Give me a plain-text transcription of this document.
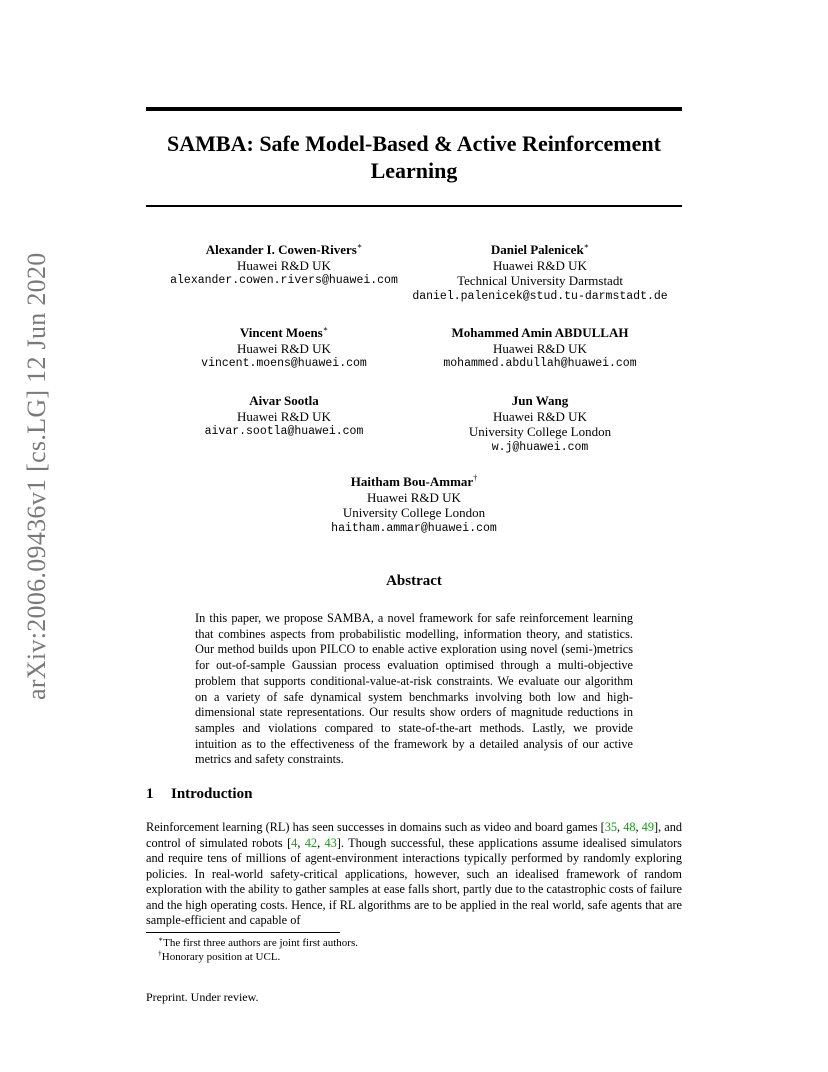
arXiv:2006.09436v1 [cs.LG] 12 Jun 2020
SAMBA: Safe Model-Based & Active Reinforcement
Learning
Alexander I. Cowen-Rivers∗
Huawei R&D UK
alexander.cowen.rivers@huawei.com
Daniel Palenicek∗
Huawei R&D UK
Technical University Darmstadt
daniel.palenicek@stud.tu-darmstadt.de
Vincent Moens∗
Huawei R&D UK
vincent.moens@huawei.com
Mohammed Amin ABDULLAH
Huawei R&D UK
mohammed.abdullah@huawei.com
Aivar Sootla
Huawei R&D UK
aivar.sootla@huawei.com
Jun Wang
Huawei R&D UK
University College London
w.j@huawei.com
Haitham Bou-Ammar†
Huawei R&D UK
University College London
haitham.ammar@huawei.com
Abstract
In this paper, we propose SAMBA, a novel framework for safe reinforcement learning that combines aspects from probabilistic modelling, information theory, and statistics. Our method builds upon PILCO to enable active exploration using novel (semi-)metrics for out-of-sample Gaussian process evaluation optimised through a multi-objective problem that supports conditional-value-at-risk constraints. We evaluate our algorithm on a variety of safe dynamical system benchmarks involving both low and high-dimensional state representations. Our results show orders of magnitude reductions in samples and violations compared to state-of-the-art methods. Lastly, we provide intuition as to the effectiveness of the framework by a detailed analysis of our active metrics and safety constraints.
1 Introduction
Reinforcement learning (RL) has seen successes in domains such as video and board games [35, 48, 49], and control of simulated robots [4, 42, 43]. Though successful, these applications assume idealised simulators and require tens of millions of agent-environment interactions typically performed by randomly exploring policies. In real-world safety-critical applications, however, such an idealised framework of random exploration with the ability to gather samples at ease falls short, partly due to the catastrophic costs of failure and the high operating costs. Hence, if RL algorithms are to be applied in the real world, safe agents that are sample-efficient and capable of
∗The first three authors are joint first authors.
†Honorary position at UCL.
Preprint. Under review.
